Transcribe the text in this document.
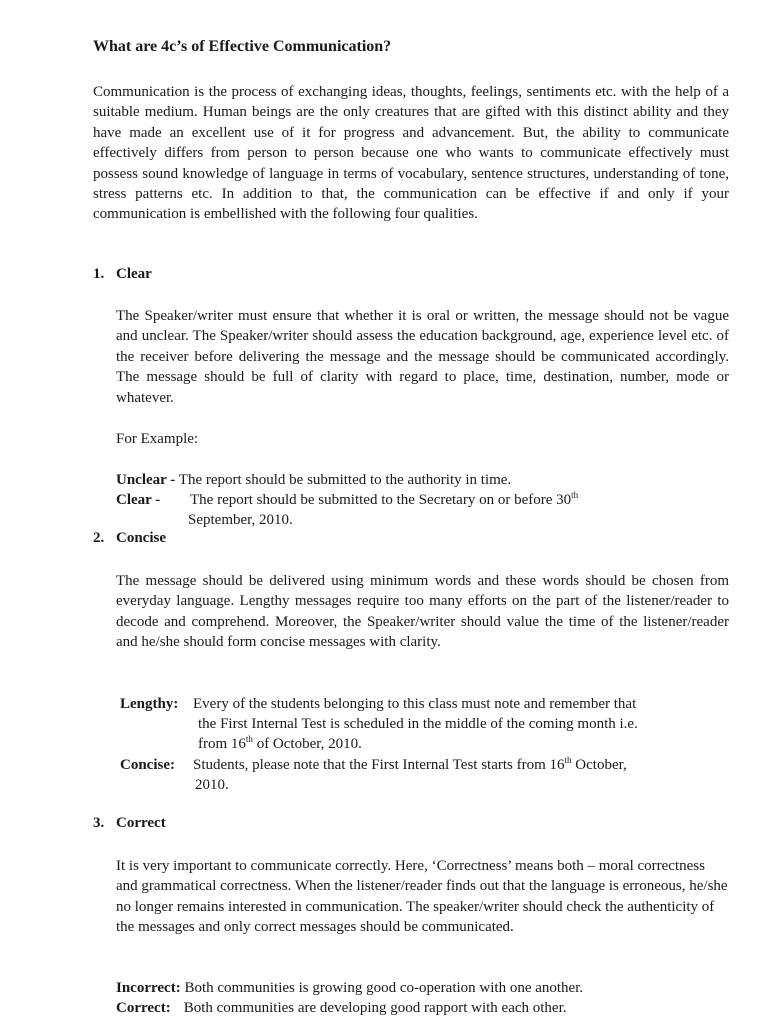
What are 4c’s of Effective Communication?

Communication is the process of exchanging ideas, thoughts, feelings, sentiments etc. with the help of a suitable medium. Human beings are the only creatures that are gifted with this distinct ability and they have made an excellent use of it for progress and advancement. But, the ability to communicate effectively differs from person to person because one who wants to communicate effectively must possess sound knowledge of language in terms of vocabulary, sentence structures, understanding of tone, stress patterns etc. In addition to that, the communication can be effective if and only if your communication is embellished with the following four qualities.

1. Clear

The Speaker/writer must ensure that whether it is oral or written, the message should not be vague and unclear. The Speaker/writer should assess the education background, age, experience level etc. of the receiver before delivering the message and the message should be communicated accordingly. The message should be full of clarity with regard to place, time, destination, number, mode or whatever.

For Example:

Unclear - The report should be submitted to the authority in time.

Clear - The report should be submitted to the Secretary on or before 30th

September, 2010.

2. Concise

The message should be delivered using minimum words and these words should be chosen from everyday language. Lengthy messages require too many efforts on the part of the listener/reader to decode and comprehend. Moreover, the Speaker/writer should value the time of the listener/reader and he/she should form concise messages with clarity.

Lengthy: Every of the students belonging to this class must note and remember that

the First Internal Test is scheduled in the middle of the coming month i.e.

from 16th of October, 2010.

Concise: Students, please note that the First Internal Test starts from 16th October,

2010.

3. Correct

It is very important to communicate correctly. Here, ‘Correctness’ means both – moral correctness and grammatical correctness. When the listener/reader finds out that the language is erroneous, he/she no longer remains interested in communication. The speaker/writer should check the authenticity of the messages and only correct messages should be communicated.

Incorrect: Both communities is growing good co-operation with one another.

Correct: Both communities are developing good rapport with each other.
